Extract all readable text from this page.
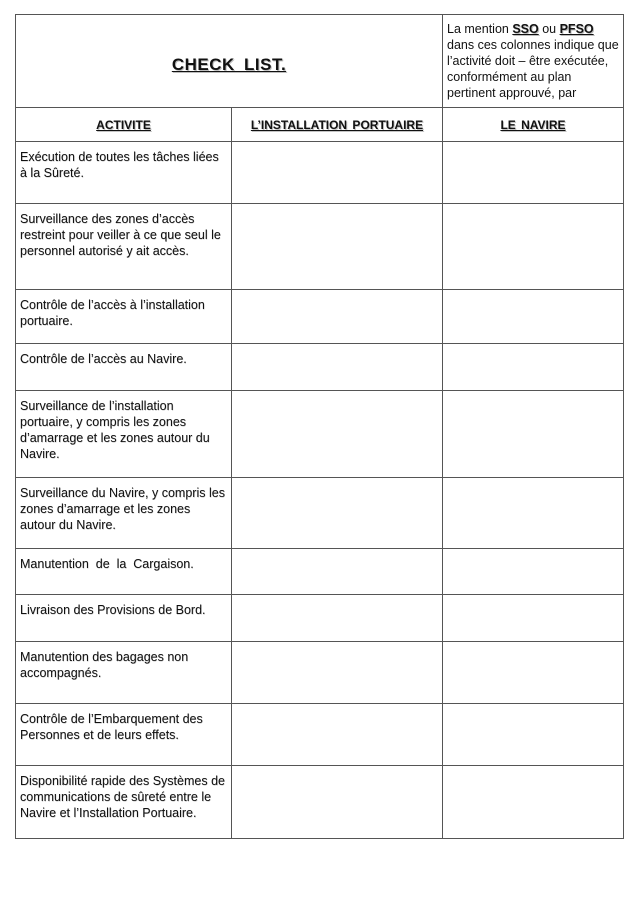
CHECK LIST.		La mention SSO ou PFSO dans ces colonnes indique que l’activité doit – être exécutée, conformément au plan pertinent approuvé, par
ACTIVITE	L’INSTALLATION PORTUAIRE	LE NAVIRE
Exécution de toutes les tâches liées à la Sûreté.		
Surveillance des zones d’accès restreint pour veiller à ce que seul le personnel autorisé y ait accès.		
Contrôle de l’accès à l’installation portuaire.		
Contrôle de l’accès au Navire.		
Surveillance de l’installation portuaire, y compris les zones d’amarrage et les zones autour du Navire.		
Surveillance du Navire, y compris les zones d’amarrage et les zones autour du Navire.		
Manutention  de  la  Cargaison.		
Livraison des Provisions de Bord.		
Manutention des bagages non accompagnés.		
Contrôle de l’Embarquement des Personnes et de leurs effets.		
Disponibilité rapide des Systèmes de communications de sûreté entre le Navire et l’Installation Portuaire.		
